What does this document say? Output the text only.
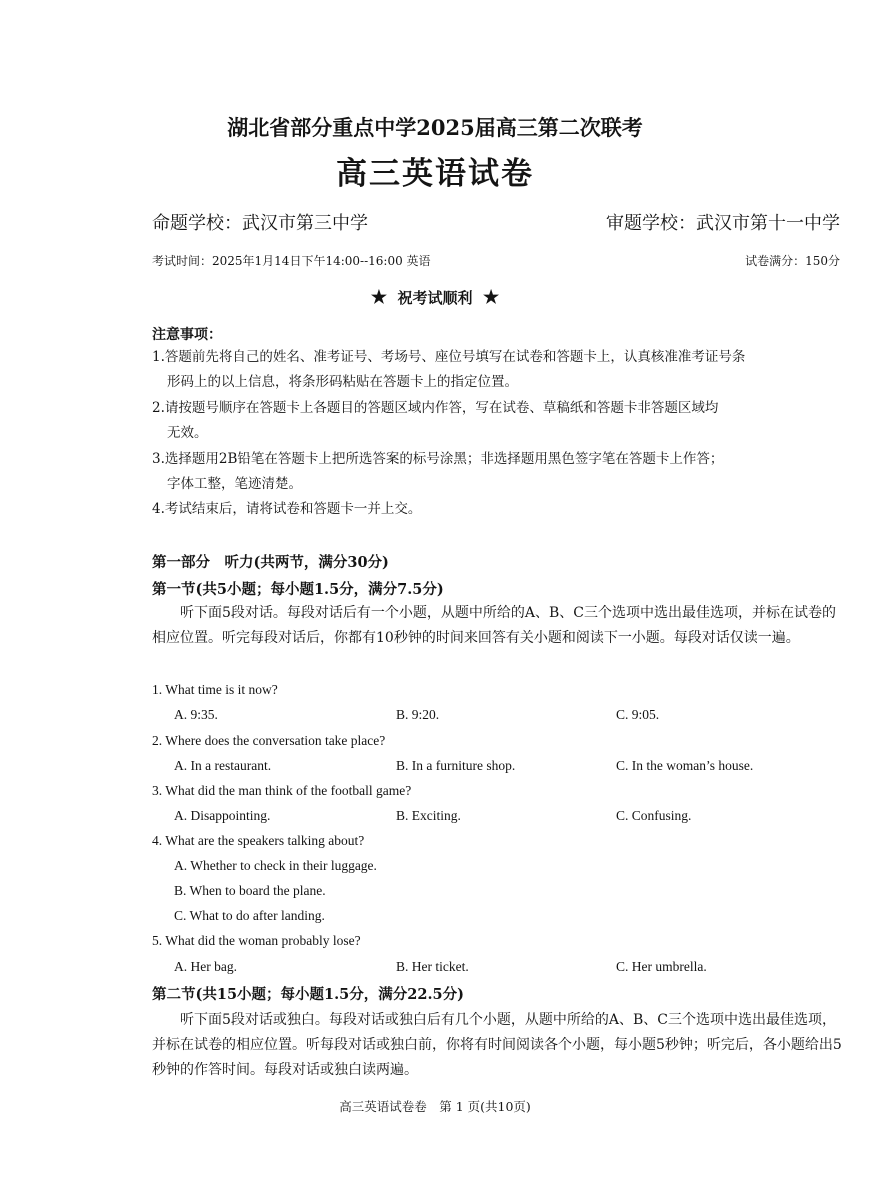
湖北省部分重点中学2025届高三第二次联考
高三英语试卷
命题学校：武汉市第三中学	审题学校：武汉市第十一中学
考试时间：2025年1月14日下午14:00--16:00 英语	试卷满分：150分
★ 祝考试顺利 ★
注意事项：
1.答题前先将自己的姓名、准考证号、考场号、座位号填写在试卷和答题卡上，认真核准准考证号条
形码上的以上信息，将条形码粘贴在答题卡上的指定位置。
2.请按题号顺序在答题卡上各题目的答题区域内作答，写在试卷、草稿纸和答题卡非答题区域均
无效。
3.选择题用2B铅笔在答题卡上把所选答案的标号涂黑；非选择题用黑色签字笔在答题卡上作答；
字体工整，笔迹清楚。
4.考试结束后，请将试卷和答题卡一并上交。
第一部分　听力(共两节，满分30分)
第一节(共5小题；每小题1.5分，满分7.5分)
听下面5段对话。每段对话后有一个小题，从题中所给的A、B、C三个选项中选出最佳选项，并标在试卷的相应位置。听完每段对话后，你都有10秒钟的时间来回答有关小题和阅读下一小题。每段对话仅读一遍。
1. What time is it now?
A. 9:35.	B. 9:20.	C. 9:05.
2. Where does the conversation take place?
A. In a restaurant.	B. In a furniture shop.	C. In the woman’s house.
3. What did the man think of the football game?
A. Disappointing.	B. Exciting.	C. Confusing.
4. What are the speakers talking about?
A. Whether to check in their luggage.
B. When to board the plane.
C. What to do after landing.
5. What did the woman probably lose?
A. Her bag.	B. Her ticket.	C. Her umbrella.
第二节(共15小题；每小题1.5分，满分22.5分)
听下面5段对话或独白。每段对话或独白后有几个小题，从题中所给的A、B、C三个选项中选出最佳选项，并标在试卷的相应位置。听每段对话或独白前，你将有时间阅读各个小题，每小题5秒钟；听完后，各小题给出5秒钟的作答时间。每段对话或独白读两遍。
高三英语试卷卷　第 1 页(共10页)
